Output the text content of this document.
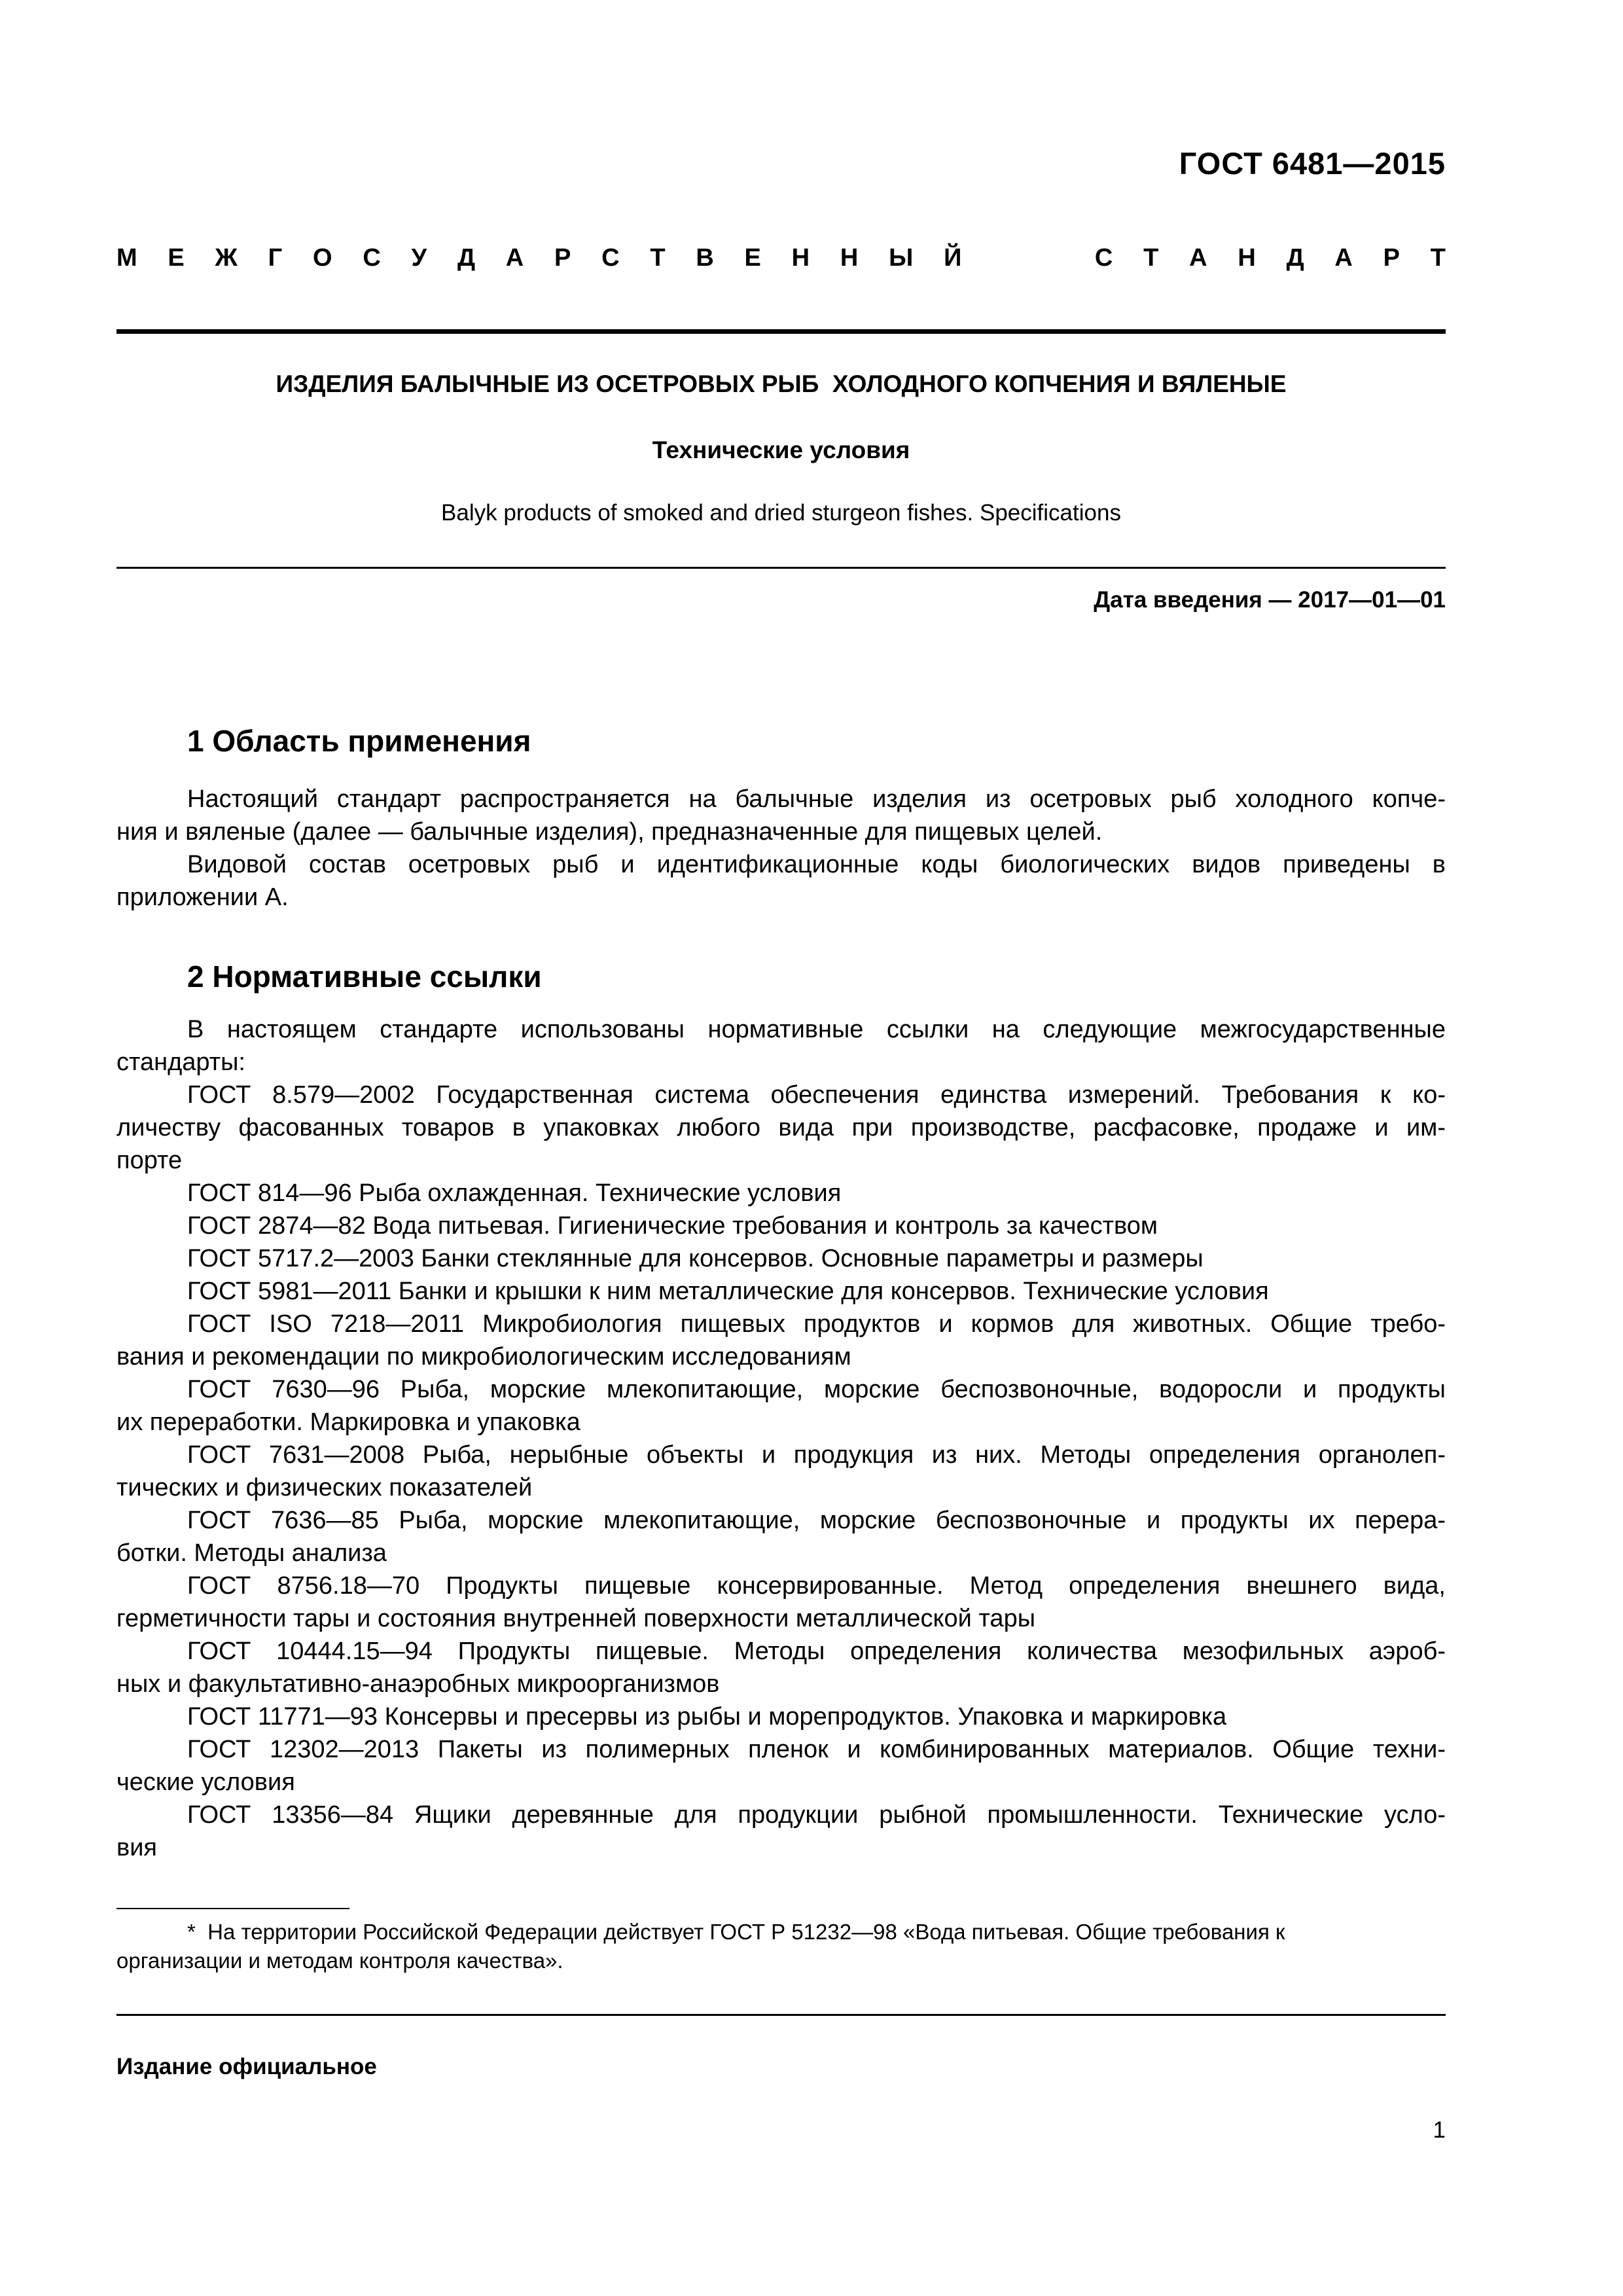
ГОСТ 6481—2015
М Е Ж Г О С У Д А Р С Т В Е Н Н Ы Й	С Т А Н Д А Р Т
ИЗДЕЛИЯ БАЛЫЧНЫЕ ИЗ ОСЕТРОВЫХ РЫБ  ХОЛОДНОГО КОПЧЕНИЯ И ВЯЛЕНЫЕ
Технические условия
Balyk products of smoked and dried sturgeon fishes. Specifications
Дата введения — 2017—01—01
1 Область применения
Настоящий стандарт распространяется на балычные изделия из осетровых рыб холодного копче-
ния и вяленые (далее — балычные изделия), предназначенные для пищевых целей.
Видовой состав осетровых рыб и идентификационные коды биологических видов приведены в
приложении А.
2 Нормативные ссылки
В настоящем стандарте использованы нормативные ссылки на следующие межгосударственные
стандарты:
ГОСТ 8.579—2002 Государственная система обеспечения единства измерений. Требования к ко-
личеству фасованных товаров в упаковках любого вида при производстве, расфасовке, продаже и им-
порте
ГОСТ 814—96 Рыба охлажденная. Технические условия
ГОСТ 2874—82 Вода питьевая. Гигиенические требования и контроль за качеством
ГОСТ 5717.2—2003 Банки стеклянные для консервов. Основные параметры и размеры
ГОСТ 5981—2011 Банки и крышки к ним металлические для консервов. Технические условия
ГОСТ ISO 7218—2011 Микробиология пищевых продуктов и кормов для животных. Общие требо-
вания и рекомендации по микробиологическим исследованиям
ГОСТ 7630—96 Рыба, морские млекопитающие, морские беспозвоночные, водоросли и продукты
их переработки. Маркировка и упаковка
ГОСТ 7631—2008 Рыба, нерыбные объекты и продукция из них. Методы определения органолеп-
тических и физических показателей
ГОСТ 7636—85 Рыба, морские млекопитающие, морские беспозвоночные и продукты их перера-
ботки. Методы анализа
ГОСТ 8756.18—70 Продукты пищевые консервированные. Метод определения внешнего вида,
герметичности тары и состояния внутренней поверхности металлической тары
ГОСТ 10444.15—94 Продукты пищевые. Методы определения количества мезофильных аэроб-
ных и факультативно-анаэробных микроорганизмов
ГОСТ 11771—93 Консервы и пресервы из рыбы и морепродуктов. Упаковка и маркировка
ГОСТ 12302—2013 Пакеты из полимерных пленок и комбинированных материалов. Общие техни-
ческие условия
ГОСТ 13356—84 Ящики деревянные для продукции рыбной промышленности. Технические усло-
вия
*  На территории Российской Федерации действует ГОСТ Р 51232—98 «Вода питьевая. Общие требования к
организации и методам контроля качества».
Издание официальное
1
